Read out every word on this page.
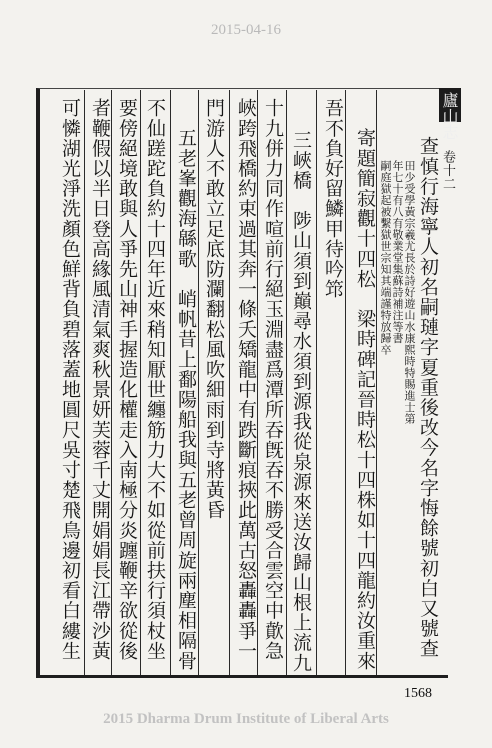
2015-04-16
廬山志
卷十二
查慎行海寧人初名嗣璉字夏重後改今名字悔餘號初白又號查
田少受學黃宗羲尤長於詩好遊山水康熙時特賜進士第
年七十有八有敬業堂集蘇詩補注等書
嗣庭獄起被繫獄世宗知其端謹特放歸卒
寄題簡寂觀十四松　梁時碑記晉時松十四株如十四龍約汝重來
吾不負好留鱗甲待吟筇
三峽橋　陟山須到巔尋水須到源我從泉源來送汝歸山根上流九
十九併力同作喧前行絕玉淵盡爲潭所吞旣吞不勝受合雲空中歕急
峽跨飛橋約束過其奔一條夭矯龍中有跌斷痕挾此萬古怒轟轟爭一
門游人不敢立足底防瀾翻松風吹細雨到寺將黃昏
五老峯觀海緜歌　峭帆昔上鄱陽船我與五老曾周旋兩塵相隔骨
不仙蹉跎負約十四年近來稍知厭世纏筋力大不如從前扶行須杖坐
要傍絕境敢與人爭先山神手握造化權走入南極分炎躔鞭辛欲從後
者鞭假以半日登高緣風清氣爽秋景妍芙蓉千丈開娟娟長江帶沙黃
可憐湖光淨洗顏色鮮背負碧落蓋地圓尺吳寸楚飛鳥邊初看白縷生
1568
2015 Dharma Drum Institute of Liberal Arts
